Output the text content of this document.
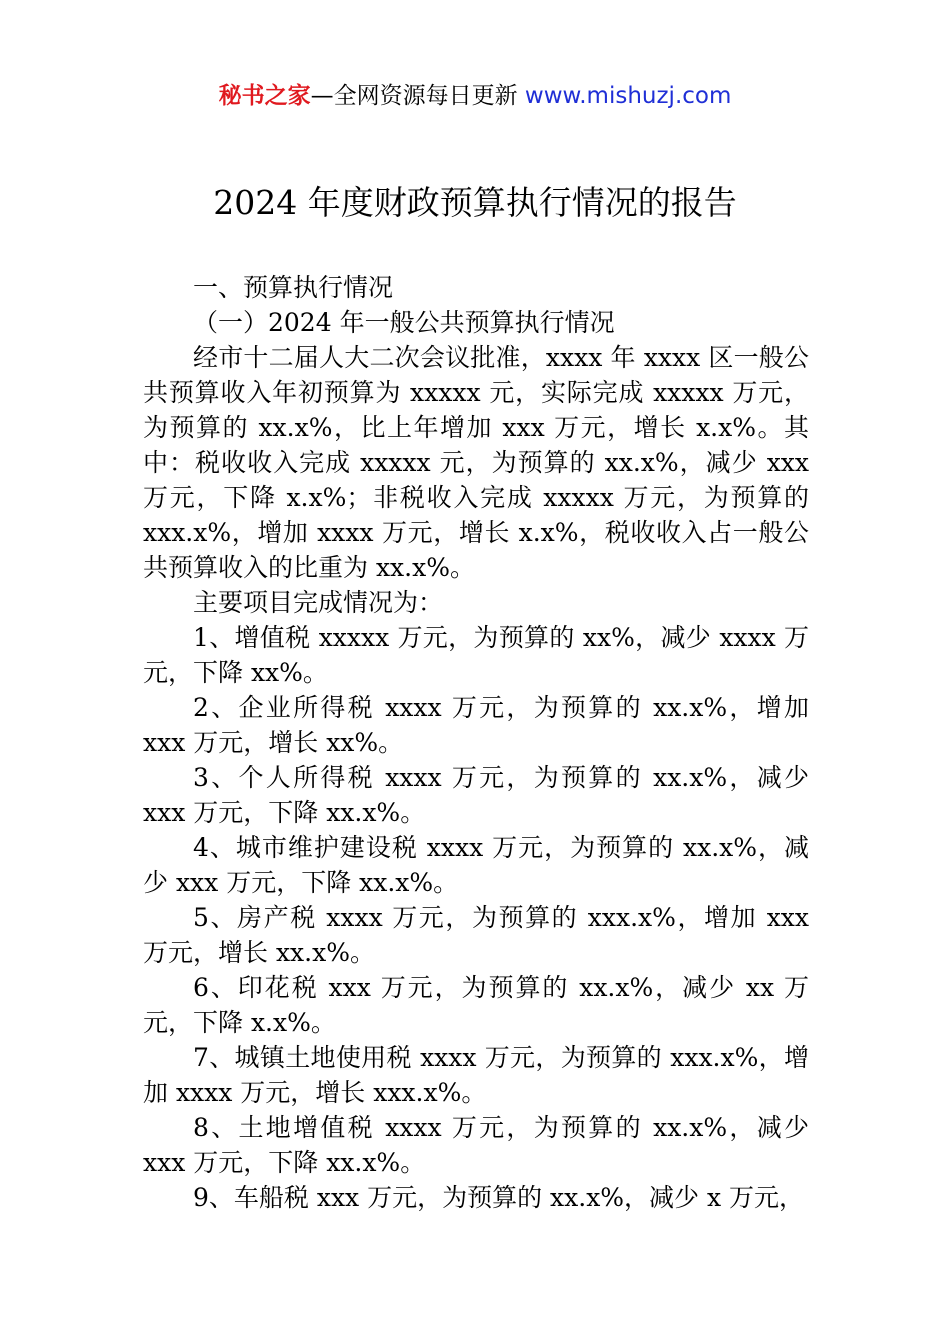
秘书之家—全网资源每日更新 www.mishuzj.com
2024 年度财政预算执行情况的报告

一、预算执行情况

（一）2024 年一般公共预算执行情况

经市十二届人大二次会议批准，xxxx 年 xxxx 区一般公共预算收入年初预算为 xxxxx 元，实际完成 xxxxx 万元，为预算的 xx.x%，比上年增加 xxx 万元，增长 x.x%。其中：税收收入完成 xxxxx 元，为预算的 xx.x%，减少 xxx 万元，下降 x.x%；非税收入完成 xxxxx 万元，为预算的 xxx.x%，增加 xxxx 万元，增长 x.x%，税收收入占一般公共预算收入的比重为 xx.x%。

主要项目完成情况为：

1、增值税 xxxxx 万元，为预算的 xx%，减少 xxxx 万元，下降 xx%。

2、企业所得税 xxxx 万元，为预算的 xx.x%，增加 xxx 万元，增长 xx%。

3、个人所得税 xxxx 万元，为预算的 xx.x%，减少 xxx 万元，下降 xx.x%。

4、城市维护建设税 xxxx 万元，为预算的 xx.x%，减少 xxx 万元，下降 xx.x%。

5、房产税 xxxx 万元，为预算的 xxx.x%，增加 xxx 万元，增长 xx.x%。

6、印花税 xxx 万元，为预算的 xx.x%，减少 xx 万元，下降 x.x%。

7、城镇土地使用税 xxxx 万元，为预算的 xxx.x%，增加 xxxx 万元，增长 xxx.x%。

8、土地增值税 xxxx 万元，为预算的 xx.x%，减少 xxx 万元，下降 xx.x%。

9、车船税 xxx 万元，为预算的 xx.x%，减少 x 万元，
